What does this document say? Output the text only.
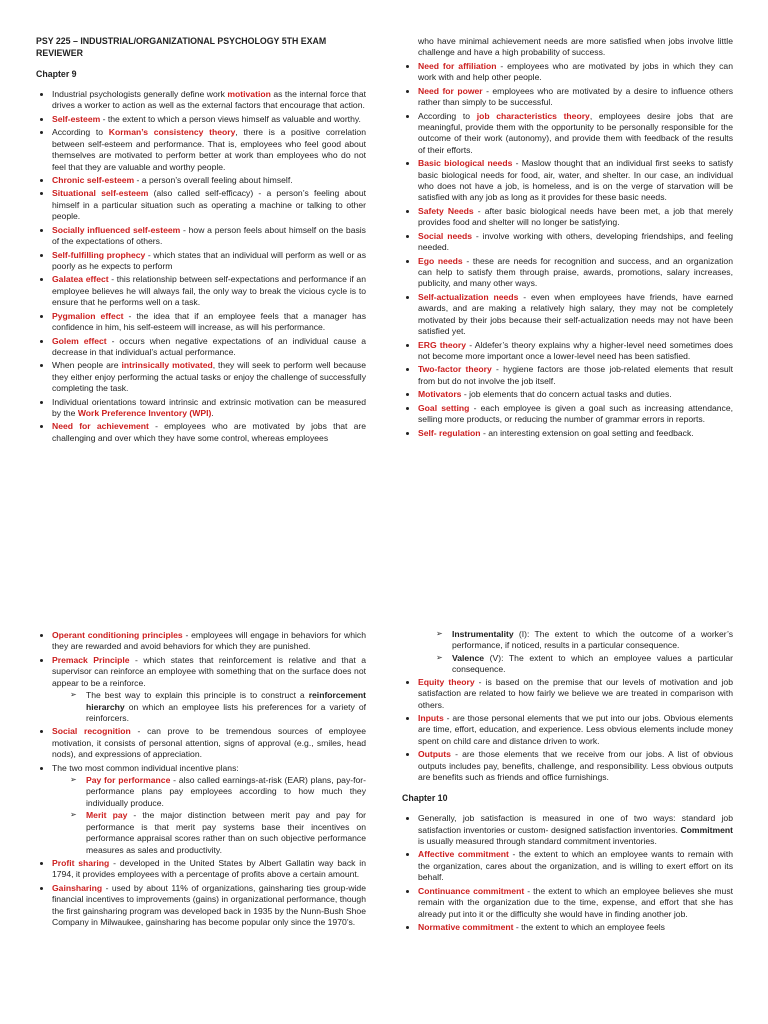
PSY 225 – INDUSTRIAL/ORGANIZATIONAL PSYCHOLOGY 5TH EXAM REVIEWER
Chapter 9
• Industrial psychologists generally define work motivation as the internal force that drives a worker to action as well as the external factors that encourage that action.
• Self-esteem - the extent to which a person views himself as valuable and worthy.
• According to Korman’s consistency theory, there is a positive correlation between self-esteem and performance. That is, employees who feel good about themselves are motivated to perform better at work than employees who do not feel that they are valuable and worthy people.
• Chronic self-esteem - a person’s overall feeling about himself.
• Situational self-esteem (also called self-efficacy) - a person’s feeling about himself in a particular situation such as operating a machine or talking to other people.
• Socially influenced self-esteem - how a person feels about himself on the basis of the expectations of others.
• Self-fulfilling prophecy - which states that an individual will perform as well or as poorly as he expects to perform
• Galatea effect - this relationship between self-expectations and performance if an employee believes he will always fail, the only way to break the vicious cycle is to ensure that he performs well on a task.
• Pygmalion effect - the idea that if an employee feels that a manager has confidence in him, his self-esteem will increase, as will his performance.
• Golem effect - occurs when negative expectations of an individual cause a decrease in that individual’s actual performance.
• When people are intrinsically motivated, they will seek to perform well because they either enjoy performing the actual tasks or enjoy the challenge of successfully completing the task.
• Individual orientations toward intrinsic and extrinsic motivation can be measured by the Work Preference Inventory (WPI).
• Need for achievement - employees who are motivated by jobs that are challenging and over which they have some control, whereas employees
who have minimal achievement needs are more satisfied when jobs involve little challenge and have a high probability of success.
• Need for affiliation - employees who are motivated by jobs in which they can work with and help other people.
• Need for power - employees who are motivated by a desire to influence others rather than simply to be successful.
• According to job characteristics theory, employees desire jobs that are meaningful, provide them with the opportunity to be personally responsible for the outcome of their work (autonomy), and provide them with feedback of the results of their efforts.
• Basic biological needs - Maslow thought that an individual first seeks to satisfy basic biological needs for food, air, water, and shelter. In our case, an individual who does not have a job, is homeless, and is on the verge of starvation will be satisfied with any job as long as it provides for these basic needs.
• Safety Needs - after basic biological needs have been met, a job that merely provides food and shelter will no longer be satisfying.
• Social needs - involve working with others, developing friendships, and feeling needed.
• Ego needs - these are needs for recognition and success, and an organization can help to satisfy them through praise, awards, promotions, salary increases, publicity, and many other ways.
• Self-actualization needs - even when employees have friends, have earned awards, and are making a relatively high salary, they may not be completely motivated by their jobs because their self-actualization needs may not have been satisfied yet.
• ERG theory - Aldefer’s theory explains why a higher-level need sometimes does not become more important once a lower-level need has been satisfied.
• Two-factor theory - hygiene factors are those job-related elements that result from but do not involve the job itself.
• Motivators - job elements that do concern actual tasks and duties.
• Goal setting - each employee is given a goal such as increasing attendance, selling more products, or reducing the number of grammar errors in reports.
• Self- regulation - an interesting extension on goal setting and feedback.
• Operant conditioning principles - employees will engage in behaviors for which they are rewarded and avoid behaviors for which they are punished.
• Premack Principle - which states that reinforcement is relative and that a supervisor can reinforce an employee with something that on the surface does not appear to be a reinforce.
➢ The best way to explain this principle is to construct a reinforcement hierarchy on which an employee lists his preferences for a variety of reinforcers.
• Social recognition - can prove to be tremendous sources of employee motivation, it consists of personal attention, signs of approval (e.g., smiles, head nods), and expressions of appreciation.
• The two most common individual incentive plans:
➢ Pay for performance - also called earnings-at-risk (EAR) plans, pay-for-performance plans pay employees according to how much they individually produce.
➢ Merit pay - the major distinction between merit pay and pay for performance is that merit pay systems base their incentives on performance appraisal scores rather than on such objective performance measures as sales and productivity.
• Profit sharing - developed in the United States by Albert Gallatin way back in 1794, it provides employees with a percentage of profits above a certain amount.
• Gainsharing - used by about 11% of organizations, gainsharing ties group-wide financial incentives to improvements (gains) in organizational performance, though the first gainsharing program was developed back in 1935 by the Nunn-Bush Shoe Company in Milwaukee, gainsharing has become popular only since the 1970’s.
➢ Instrumentality (I): The extent to which the outcome of a worker’s performance, if noticed, results in a particular consequence.
➢ Valence (V): The extent to which an employee values a particular consequence.
• Equity theory - is based on the premise that our levels of motivation and job satisfaction are related to how fairly we believe we are treated in comparison with others.
• Inputs - are those personal elements that we put into our jobs. Obvious elements are time, effort, education, and experience. Less obvious elements include money spent on child care and distance driven to work.
• Outputs - are those elements that we receive from our jobs. A list of obvious outputs includes pay, benefits, challenge, and responsibility. Less obvious outputs are benefits such as friends and office furnishings.
Chapter 10
• Generally, job satisfaction is measured in one of two ways: standard job satisfaction inventories or custom- designed satisfaction inventories. Commitment is usually measured through standard commitment inventories.
• Affective commitment - the extent to which an employee wants to remain with the organization, cares about the organization, and is willing to exert effort on its behalf.
• Continuance commitment - the extent to which an employee believes she must remain with the organization due to the time, expense, and effort that she has already put into it or the difficulty she would have in finding another job.
• Normative commitment - the extent to which an employee feels
